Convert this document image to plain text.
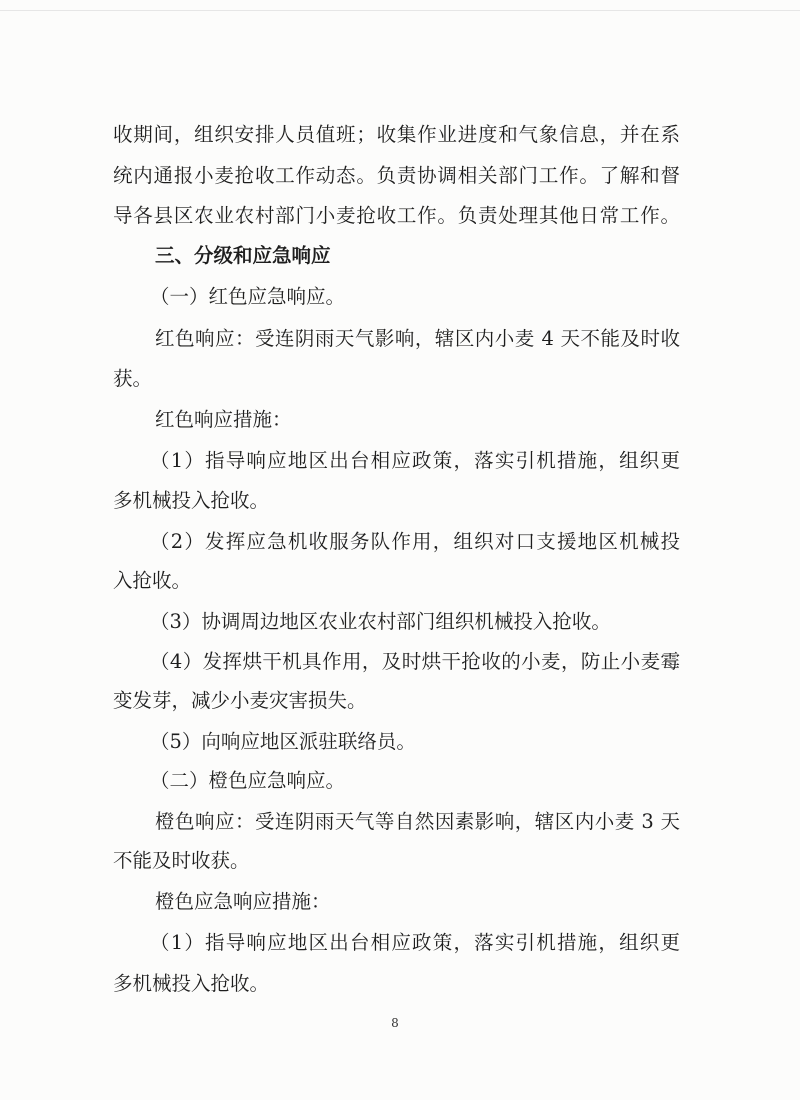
收期间，组织安排人员值班；收集作业进度和气象信息，并在系
统内通报小麦抢收工作动态。负责协调相关部门工作。了解和督
导各县区农业农村部门小麦抢收工作。负责处理其他日常工作。
三、分级和应急响应
（一）红色应急响应。
红色响应：受连阴雨天气影响，辖区内小麦 4 天不能及时收
获。
红色响应措施：
（1）指导响应地区出台相应政策，落实引机措施，组织更
多机械投入抢收。
（2）发挥应急机收服务队作用，组织对口支援地区机械投
入抢收。
（3）协调周边地区农业农村部门组织机械投入抢收。
（4）发挥烘干机具作用，及时烘干抢收的小麦，防止小麦霉
变发芽，减少小麦灾害损失。
（5）向响应地区派驻联络员。
（二）橙色应急响应。
橙色响应：受连阴雨天气等自然因素影响，辖区内小麦 3 天
不能及时收获。
橙色应急响应措施：
（1）指导响应地区出台相应政策，落实引机措施，组织更
多机械投入抢收。
8
